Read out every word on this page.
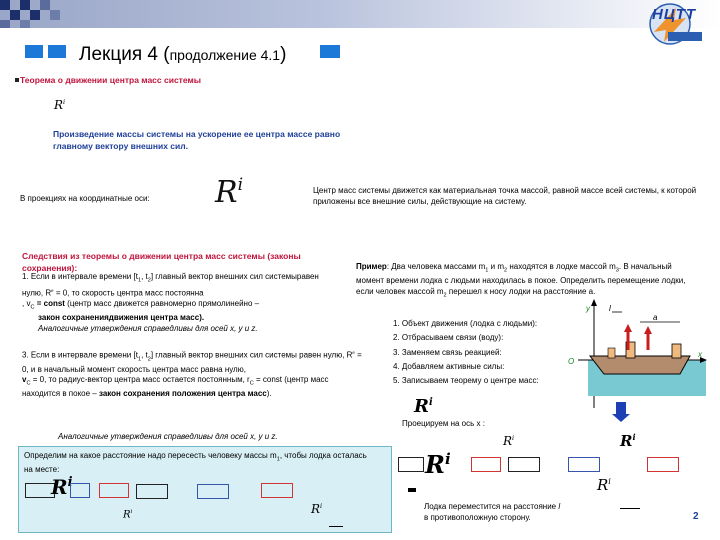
НЦТТ
Лекция 4 (продолжение 4.1)
Теорема о движении центра масс системы
$R^i$
Произведение массы системы на ускорение ее центра массе равно главному вектору внешних сил.
В проекциях на координатные оси: $R^i$	Центр масс системы движется как материальная точка массой, равной массе всей системы, к которой приложены все внешние силы, действующие на систему.
Следствия из теоремы о движении центра масс системы (законы сохранения):
1. Если в интервале времени [$t_1$, $t_2$] главный вектор внешних сил системыравен нулю, $R^e = 0$, то скорость центра масс постоянна
, $v_C$ = const (центр масс движется равномерно прямолинейно –
закон сохранениядвижения центра масс).
Аналогичные утверждения справедливы для осей x, y и z.
3. Если в интервале времени [$t_1$, $t_2$] главный вектор внешних сил системы равен нулю, $R^e = 0$, и в начальный момент скорость центра масс равна нулю,
$v_C = 0$, то радиус-вектор центра масс остается постоянным, $r_C$ = const (центр масс находится в покое – закон сохранения положения центра масс).
Аналогичные утверждения справедливы для осей x, y и z.
Пример: Два человека массами $m_1$ и $m_2$ находятся в лодке массой $m_3$. В начальный момент времени лодка с людьми находилась в покое. Определить перемещение лодки, если человек массой $m_2$ перешел к носу лодки на расстояние a.
1. Объект движения (лодка с людьми):
2. Отбрасываем связи (воду):
3. Заменяем связь реакцией:
4. Добавляем активные силы:
5. Записываем теорему о центре масс:
y
x
O
a
l
$R^i$
Проецируем на ось x :
$R^i$	$R^i$
$R^i$
$R^i$
Определим на какое расстояние надо пересесть человеку массы $m_1$, чтобы лодка осталась на месте:
$R^i$
$R^i$	$R^i$	Лодка переместится на расстояние l
в противоположную сторону.	2
